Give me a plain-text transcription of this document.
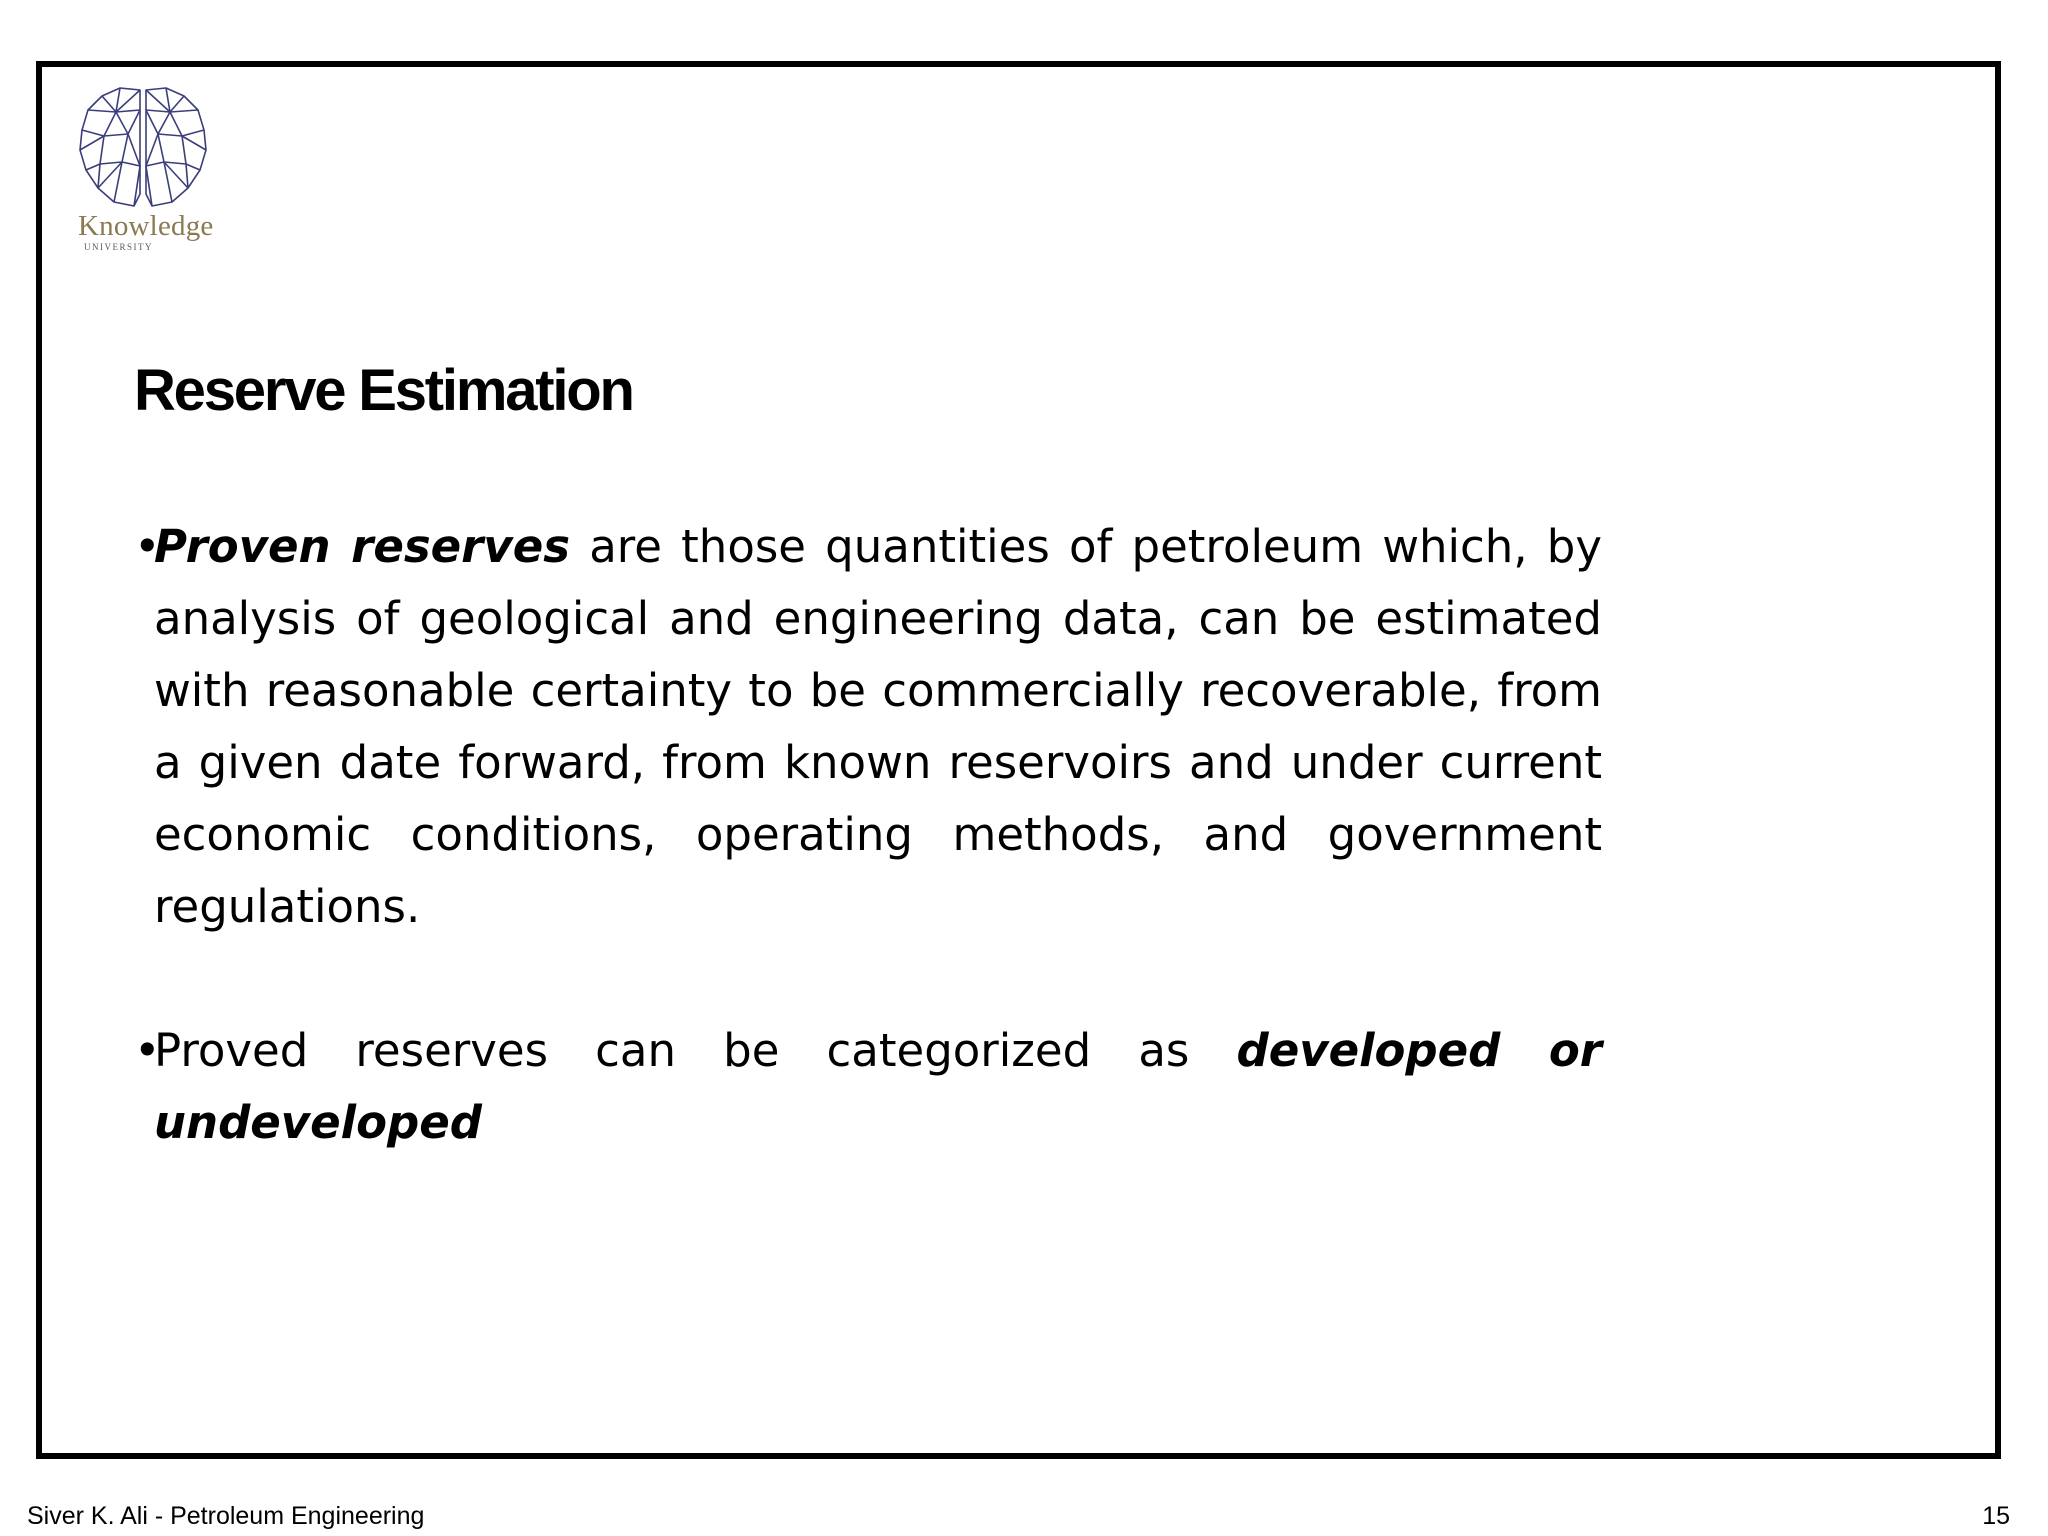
Knowledge
UNIVERSITY
Reserve Estimation
•
Proven reserves are those quantities of petroleum which, by analysis of geological and engineering data, can be estimated with reasonable certainty to be commercially recoverable, from a given date forward, from known reservoirs and under current economic conditions, operating methods, and government regulations.
•
Proved reserves can be categorized as developed or undeveloped
Siver K. Ali - Petroleum Engineering	15
